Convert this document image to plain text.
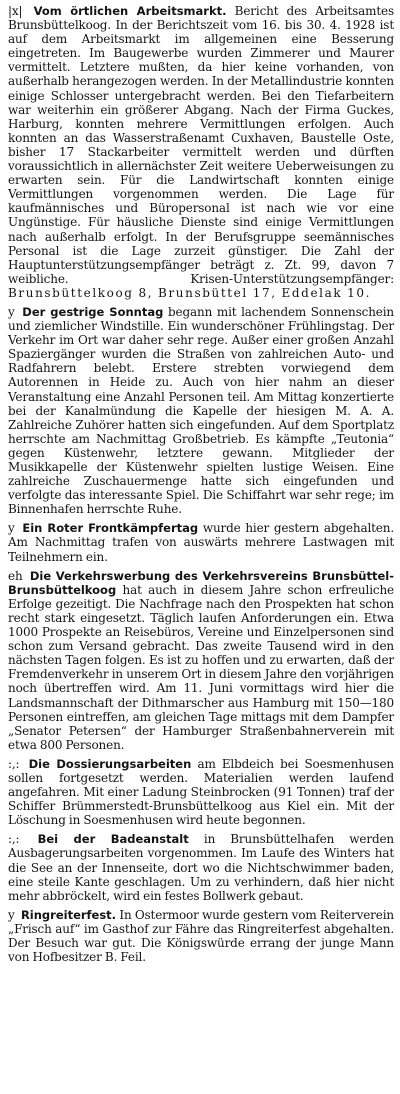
|x| Vom örtlichen Arbeitsmarkt. Bericht des Arbeitsamtes Brunsbüttelkoog. In der Berichtszeit vom 16. bis 30. 4. 1928 ist auf dem Arbeitsmarkt im allgemeinen eine Besserung eingetreten. Im Baugewerbe wurden Zimmerer und Maurer vermittelt. Letztere mußten, da hier keine vorhanden, von außerhalb herangezogen werden. In der Metallindustrie konnten einige Schlosser untergebracht werden. Bei den Tiefarbeitern war weiterhin ein größerer Abgang. Nach der Firma Guckes, Harburg, konnten mehrere Vermittlungen erfolgen. Auch konnten an das Wasserstraßenamt Cuxhaven, Baustelle Oste, bisher 17 Stackarbeiter vermittelt werden und dürften voraussichtlich in allernächster Zeit weitere Ueberweisungen zu erwarten sein. Für die Landwirtschaft konnten einige Vermittlungen vorgenommen werden. Die Lage für kaufmännisches und Büropersonal ist nach wie vor eine Ungünstige. Für häusliche Dienste sind einige Vermittlungen nach außerhalb erfolgt. In der Berufsgruppe seemännisches Personal ist die Lage zurzeit günstiger. Die Zahl der Hauptunterstützungsempfänger beträgt z. Zt. 99, davon 7 weibliche. Krisen-Unterstützungsempfänger:

Brunsbüttelkoog 8, Brunsbüttel 17, Eddelak 10.
y Der gestrige Sonntag begann mit lachendem Sonnenschein und ziemlicher Windstille. Ein wunderschöner Frühlingstag. Der Verkehr im Ort war daher sehr rege. Außer einer großen Anzahl Spaziergänger wurden die Straßen von zahlreichen Auto- und Radfahrern belebt. Erstere strebten vorwiegend dem Autorennen in Heide zu. Auch von hier nahm an dieser Veranstaltung eine Anzahl Personen teil. Am Mittag konzertierte bei der Kanalmündung die Kapelle der hiesigen M. A. A. Zahlreiche Zuhörer hatten sich eingefunden. Auf dem Sportplatz herrschte am Nachmittag Großbetrieb. Es kämpfte „Teutonia“ gegen Küstenwehr, letztere gewann. Mitglieder der Musikkapelle der Küstenwehr spielten lustige Weisen. Eine zahlreiche Zuschauermenge hatte sich eingefunden und verfolgte das interessante Spiel. Die Schiffahrt war sehr rege; im Binnenhafen herrschte Ruhe.

y Ein Roter Frontkämpfertag wurde hier gestern abgehalten. Am Nachmittag trafen von auswärts mehrere Lastwagen mit Teilnehmern ein.

eh Die Verkehrswerbung des Verkehrsvereins Brunsbüttel-Brunsbüttelkoog hat auch in diesem Jahre schon erfreuliche Erfolge gezeitigt. Die Nachfrage nach den Prospekten hat schon recht stark eingesetzt. Täglich laufen Anforderungen ein. Etwa 1000 Prospekte an Reisebüros, Vereine und Einzelpersonen sind schon zum Versand gebracht. Das zweite Tausend wird in den nächsten Tagen folgen. Es ist zu hoffen und zu erwarten, daß der Fremdenverkehr in unserem Ort in diesem Jahre den vorjährigen noch übertreffen wird. Am 11. Juni vormittags wird hier die Landsmannschaft der Dithmarscher aus Hamburg mit 150—180 Personen eintreffen, am gleichen Tage mittags mit dem Dampfer „Senator Petersen“ der Hamburger Straßenbahnerverein mit etwa 800 Personen.

:,: Die Dossierungsarbeiten am Elbdeich bei Soesmenhusen sollen fortgesetzt werden. Materialien werden laufend angefahren. Mit einer Ladung Steinbrocken (91 Tonnen) traf der Schiffer Brümmerstedt-Brunsbüttelkoog aus Kiel ein. Mit der Löschung in Soesmenhusen wird heute begonnen.

:,: Bei der Badeanstalt in Brunsbüttelhafen werden Ausbagerungsarbeiten vorgenommen. Im Laufe des Winters hat die See an der Innenseite, dort wo die Nichtschwimmer baden, eine steile Kante geschlagen. Um zu verhindern, daß hier nicht mehr abbröckelt, wird ein festes Bollwerk gebaut.

y Ringreiterfest. In Ostermoor wurde gestern vom Reiterverein „Frisch auf“ im Gasthof zur Fähre das Ringreiterfest abgehalten. Der Besuch war gut. Die Königswürde errang der junge Mann von Hofbesitzer B. Feil.
